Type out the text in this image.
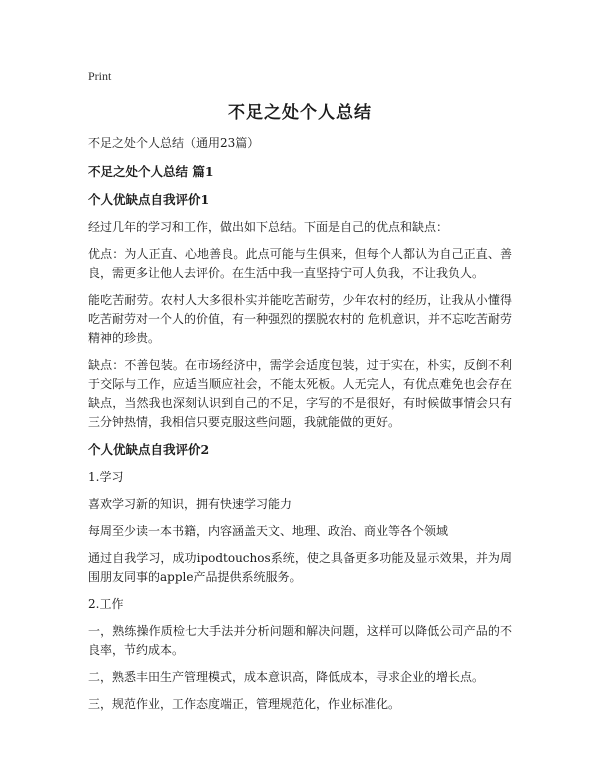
Print
不足之处个人总结
不足之处个人总结（通用23篇）
不足之处个人总结 篇1
个人优缺点自我评价1
经过几年的学习和工作，做出如下总结。下面是自己的优点和缺点：
优点：为人正直、心地善良。此点可能与生俱来，但每个人都认为自己正直、善良，需更多让他人去评价。在生活中我一直坚持宁可人负我，不让我负人。
能吃苦耐劳。农村人大多很朴实并能吃苦耐劳，少年农村的经历，让我从小懂得吃苦耐劳对一个人的价值，有一种强烈的摆脱农村的 危机意识，并不忘吃苦耐劳精神的珍贵。
缺点：不善包装。在市场经济中，需学会适度包装，过于实在，朴实，反倒不利于交际与工作，应适当顺应社会，不能太死板。人无完人，有优点难免也会存在缺点，当然我也深刻认识到自己的不足，字写的不是很好，有时候做事情会只有三分钟热情，我相信只要克服这些问题，我就能做的更好。
个人优缺点自我评价2
1.学习
喜欢学习新的知识，拥有快速学习能力
每周至少读一本书籍，内容涵盖天文、地理、政治、商业等各个领域
通过自我学习，成功ipodtouchos系统，使之具备更多功能及显示效果，并为周围朋友同事的apple产品提供系统服务。
2.工作
一，熟练操作质检七大手法并分析问题和解决问题，这样可以降低公司产品的不良率，节约成本。
二，熟悉丰田生产管理模式，成本意识高，降低成本，寻求企业的增长点。
三，规范作业，工作态度端正，管理规范化，作业标准化。
